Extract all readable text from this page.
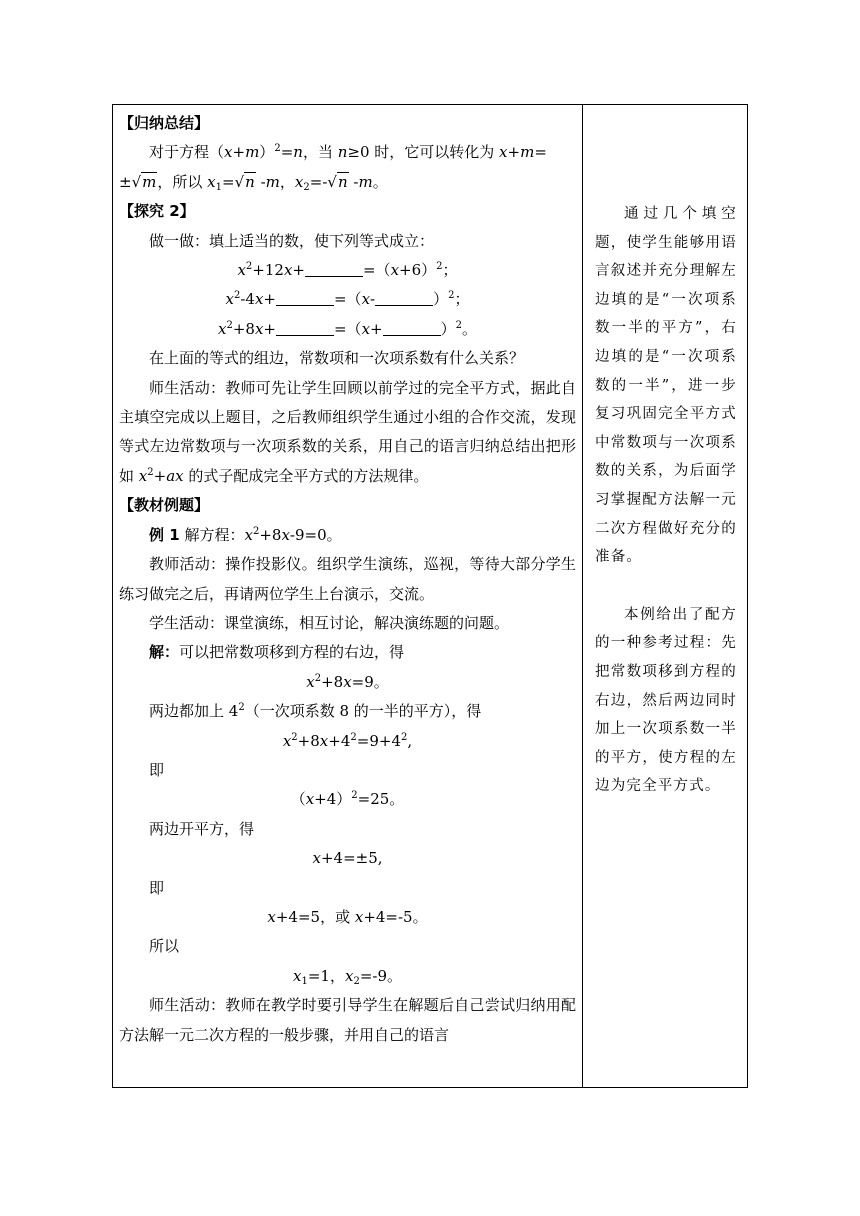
【归纳总结】
对于方程$(x+m)^2=n$，当 n≥0 时，它可以转化为 x+m=
±√m，所以 $x_1=√n$ -m，$x_2=-√n$ -m。
【探究 2】
做一做：填上适当的数，使下列等式成立：
$x^2+12x+$	$=(x+6)^2$；
$x^2-4x+$	=（x-	）$^2$；
$x^2+8x+$	=（x+	）$^2$。
在上面的等式的组边，常数项和一次项系数有什么关系？
师生活动：教师可先让学生回顾以前学过的完全平方式，据此自主填空完成以上题目，之后教师组织学生通过小组的合作交流，发现等式左边常数项与一次项系数的关系，用自己的语言归纳总结出把形如 $x^2+ax$ 的式子配成完全平方式的方法规律。
【教材例题】
例 1 解方程：$x^2+8x-9=0$。
教师活动：操作投影仪。组织学生演练，巡视，等待大部分学生练习做完之后，再请两位学生上台演示，交流。
学生活动：课堂演练，相互讨论，解决演练题的问题。
解：可以把常数项移到方程的右边，得
$x^2+8x=9$。
两边都加上 $4^2$（一次项系数 8 的一半的平方），得
$x^2+8x+4^2=9+4^2$,
即
$(x+4)^2=25$。
两边开平方，得
x+4=±5,
即
x+4=5，或 x+4=-5。
所以
$x_1=1$，$x_2=-9$。
师生活动：教师在教学时要引导学生在解题后自己尝试归纳用配方法解一元二次方程的一般步骤，并用自己的语言

通过几个填空题，使学生能够用语言叙述并充分理解左边填的是“一次项系数一半的平方”，右边填的是“一次项系数的一半”，进一步复习巩固完全平方式中常数项与一次项系数的关系，为后面学习掌握配方法解一元二次方程做好充分的准备。

本例给出了配方的一种参考过程：先把常数项移到方程的右边，然后两边同时加上一次项系数一半的平方，使方程的左边为完全平方式。
